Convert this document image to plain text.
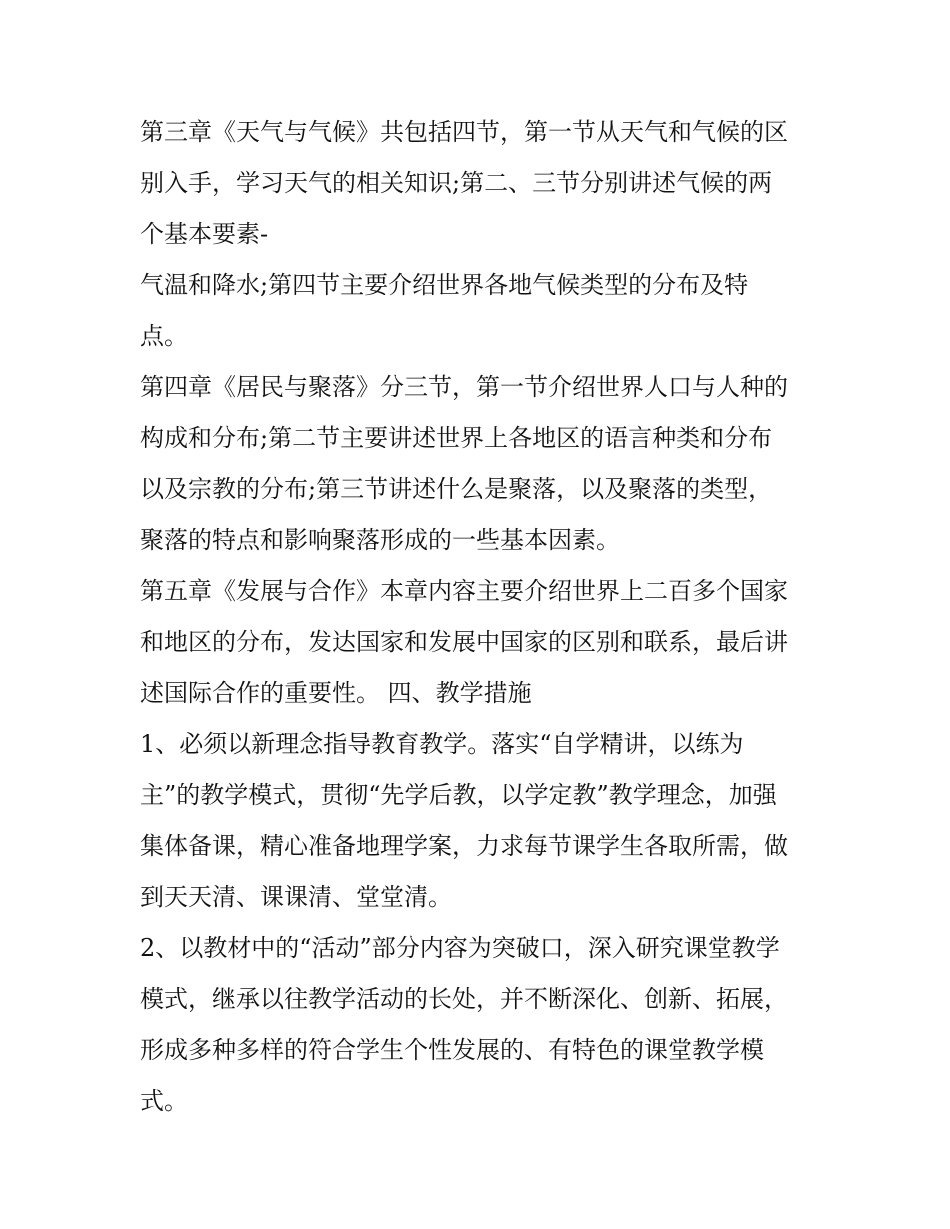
第三章《天气与气候》共包括四节，第一节从天气和气候的区
别入手，学习天气的相关知识;第二、三节分别讲述气候的两
个基本要素-
气温和降水;第四节主要介绍世界各地气候类型的分布及特
点。
第四章《居民与聚落》分三节，第一节介绍世界人口与人种的
构成和分布;第二节主要讲述世界上各地区的语言种类和分布
以及宗教的分布;第三节讲述什么是聚落，以及聚落的类型，
聚落的特点和影响聚落形成的一些基本因素。
第五章《发展与合作》本章内容主要介绍世界上二百多个国家
和地区的分布，发达国家和发展中国家的区别和联系，最后讲
述国际合作的重要性。 四、教学措施
1、必须以新理念指导教育教学。落实“自学精讲，以练为
主”的教学模式，贯彻“先学后教，以学定教”教学理念，加强
集体备课，精心准备地理学案，力求每节课学生各取所需，做
到天天清、课课清、堂堂清。
2、以教材中的“活动”部分内容为突破口，深入研究课堂教学
模式，继承以往教学活动的长处，并不断深化、创新、拓展，
形成多种多样的符合学生个性发展的、有特色的课堂教学模
式。
